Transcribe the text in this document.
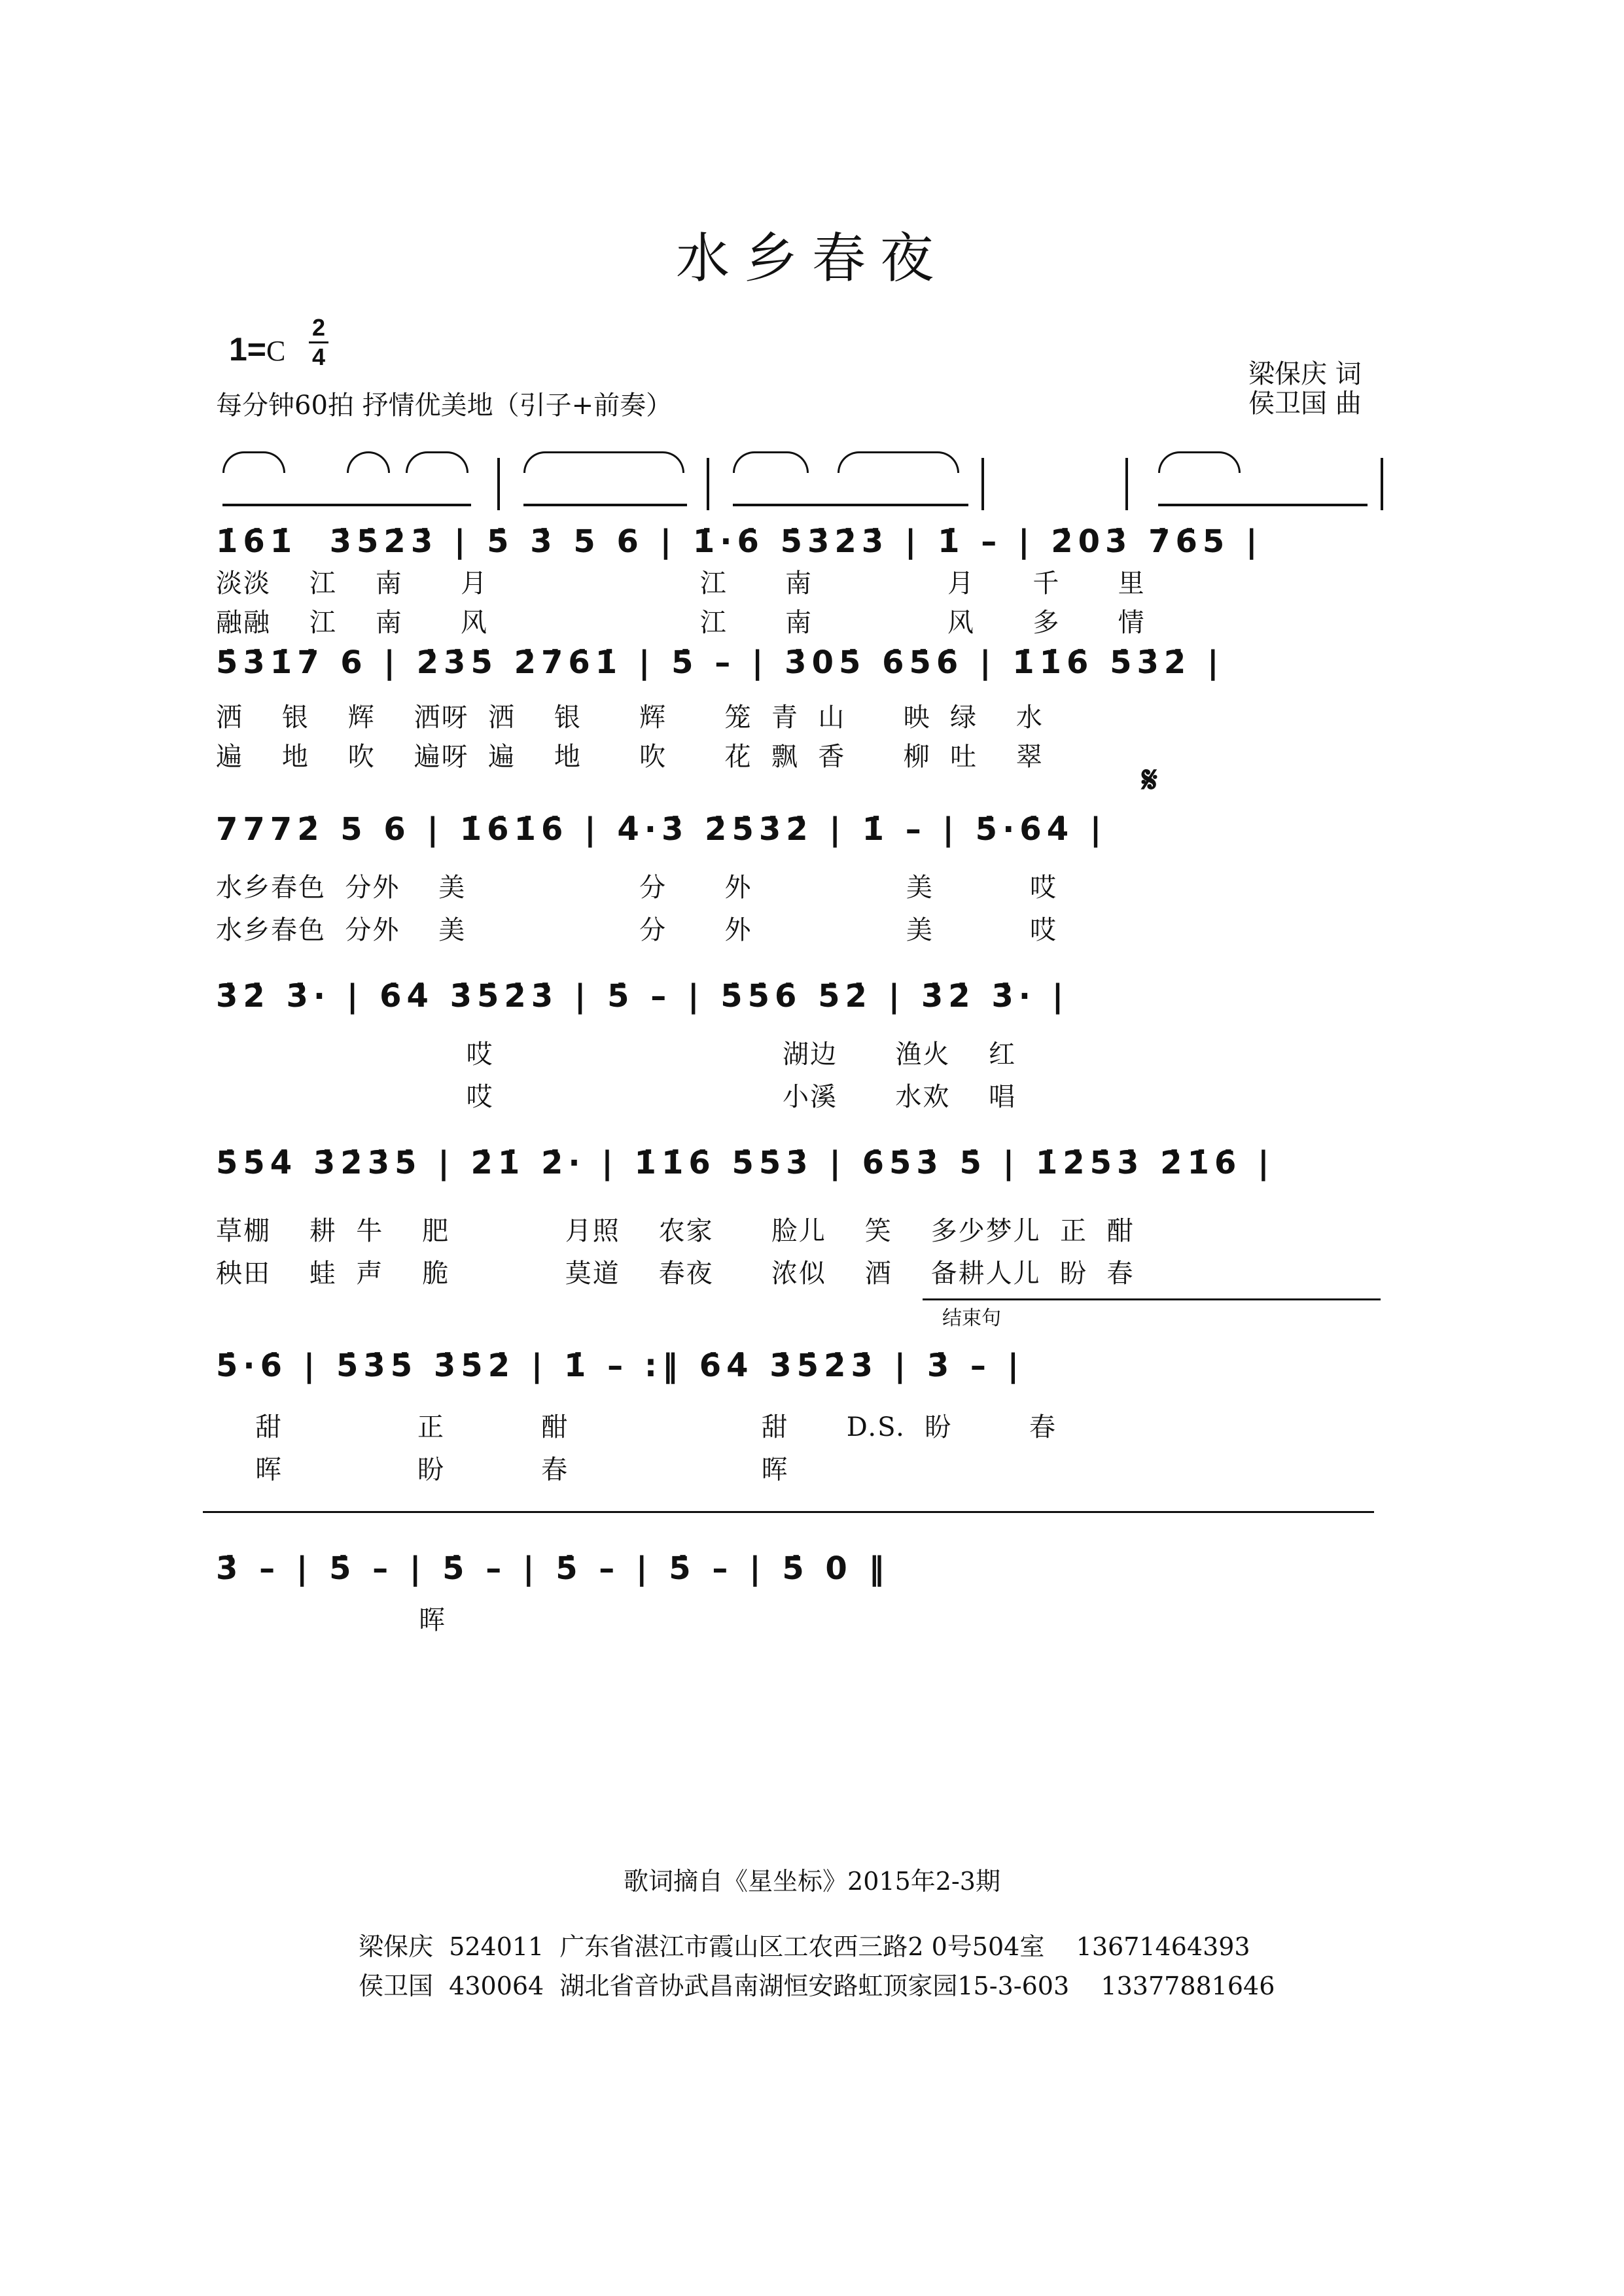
水乡春夜
1=C
2
4
每分钟60拍 抒情优美地（引子+前奏）
梁保庆 词
侯卫国 曲
1̇6̇1̇  3̇5̇2̇3̇ | 5̇ 3̇ 5 6 | 1̇·6̇ 5̇3̇2̇3̇ | 1̇ – | 2̇03̇ 7̇6̇5 |
淡淡    江    南      月                      江      南              月      千      里
融融    江    南      风                      江      南              风      多      情
5̇3̇1̇7̇ 6 | 2̇3̇5̇ 2̇7̇6̇1̇ | 5̇ – | 3̇05̇ 6̇5̇6̇ | 1̇1̇6̇ 5̇3̇2̇ |
洒    银    辉    洒呀  洒    银      辉      笼  青  山      映  绿    水
遍    地    吹    遍呀  遍    地      吹      花  飘  香      柳  吐    翠
𝄋
7772̇ 5 6 | 1̇6̇1̇6̇ | 4̇·3̇ 2̇5̇3̇2̇ | 1̇ – | 5̇·6̇4̇ |
水乡春色  分外    美                  分      外                美          哎
水乡春色  分外    美                  分      外                美          哎
3̇2̇ 3̇· | 6̇4̇ 3̇5̇2̇3̇ | 5̇ – | 5̇5̇6̇ 5̇2̇ | 3̇2̇ 3̇· |
哎                              湖边      渔火    红
哎                              小溪      水欢    唱
5̇5̇4̇ 3̇2̇3̇5̇ | 2̇1̇ 2̇· | 1̇1̇6̇ 5̇5̇3̇ | 6̇5̇3̇ 5̇ | 1̇2̇5̇3̇ 2̇1̇6̇ |
草棚    耕  牛    肥            月照    农家      脸儿    笑    多少梦儿  正  酣
秧田    蛙  声    脆            莫道    春夜      浓似    酒    备耕人儿  盼  春
结束句
5̇·6̇ | 5̇3̇5̇ 3̇5̇2̇ | 1̇ – :‖ 6̇4̇ 3̇5̇2̇3̇ | 3̇ – |
甜              正          酣                    甜      D.S.  盼        春
晖              盼          春                    晖
3̇ – | 5̇ – | 5̇ – | 5̇ – | 5̇ – | 5̇ 0 ‖
晖
歌词摘自《星坐标》2015年2-3期
梁保庆  524011  广东省湛江市霞山区工农西三路2 0号504室    13671464393
侯卫国  430064  湖北省音协武昌南湖恒安路虹顶家园15-3-603    13377881646
